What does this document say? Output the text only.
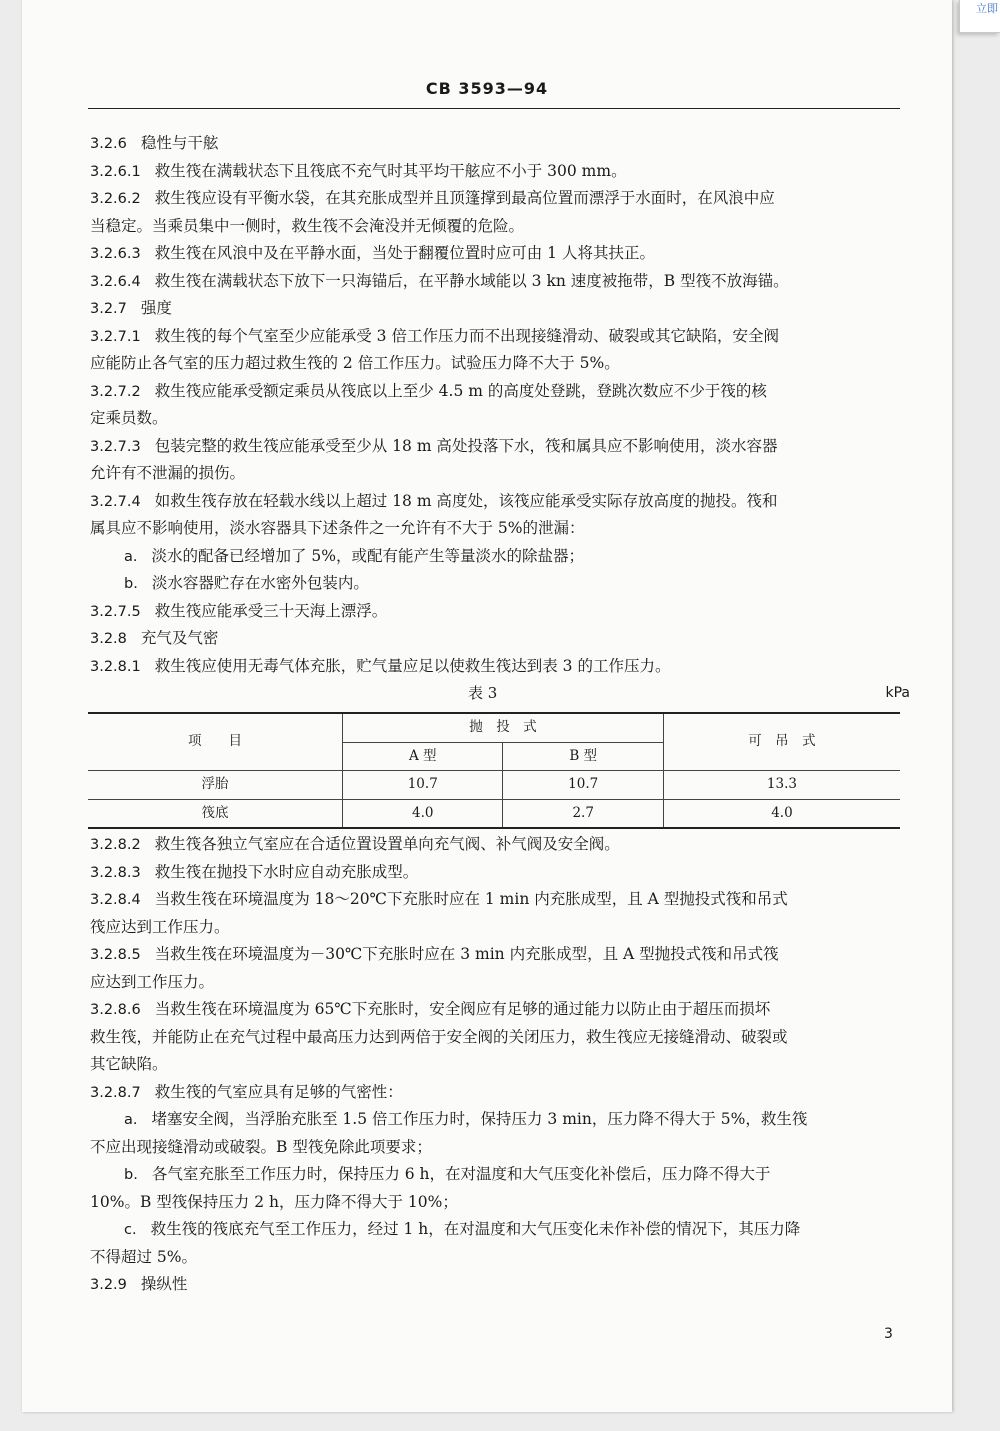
CB 3593—94
3.2.6 稳性与干舷
3.2.6.1 救生筏在满载状态下且筏底不充气时其平均干舷应不小于 300 mm。
3.2.6.2 救生筏应设有平衡水袋，在其充胀成型并且顶篷撑到最高位置而漂浮于水面时，在风浪中应
当稳定。当乘员集中一侧时，救生筏不会淹没并无倾覆的危险。
3.2.6.3 救生筏在风浪中及在平静水面，当处于翻覆位置时应可由 1 人将其扶正。
3.2.6.4 救生筏在满载状态下放下一只海锚后，在平静水域能以 3 kn 速度被拖带，B 型筏不放海锚。
3.2.7 强度
3.2.7.1 救生筏的每个气室至少应能承受 3 倍工作压力而不出现接缝滑动、破裂或其它缺陷，安全阀
应能防止各气室的压力超过救生筏的 2 倍工作压力。试验压力降不大于 5%。
3.2.7.2 救生筏应能承受额定乘员从筏底以上至少 4.5 m 的高度处登跳，登跳次数应不少于筏的核
定乘员数。
3.2.7.3 包装完整的救生筏应能承受至少从 18 m 高处投落下水，筏和属具应不影响使用，淡水容器
允许有不泄漏的损伤。
3.2.7.4 如救生筏存放在轻载水线以上超过 18 m 高度处，该筏应能承受实际存放高度的抛投。筏和
属具应不影响使用，淡水容器具下述条件之一允许有不大于 5%的泄漏：
a. 淡水的配备已经增加了 5%，或配有能产生等量淡水的除盐器；
b. 淡水容器贮存在水密外包装内。
3.2.7.5 救生筏应能承受三十天海上漂浮。
3.2.8 充气及气密
3.2.8.1 救生筏应使用无毒气体充胀，贮气量应足以使救生筏达到表 3 的工作压力。
表 3	kPa
项　　目	抛　投　式		可　吊　式
	A 型	B 型	
浮胎	10.7	10.7	13.3
筏底	4.0	2.7	4.0
3.2.8.2 救生筏各独立气室应在合适位置设置单向充气阀、补气阀及安全阀。
3.2.8.3 救生筏在抛投下水时应自动充胀成型。
3.2.8.4 当救生筏在环境温度为 18～20℃下充胀时应在 1 min 内充胀成型，且 A 型抛投式筏和吊式
筏应达到工作压力。
3.2.8.5 当救生筏在环境温度为－30℃下充胀时应在 3 min 内充胀成型，且 A 型抛投式筏和吊式筏
应达到工作压力。
3.2.8.6 当救生筏在环境温度为 65℃下充胀时，安全阀应有足够的通过能力以防止由于超压而损坏
救生筏，并能防止在充气过程中最高压力达到两倍于安全阀的关闭压力，救生筏应无接缝滑动、破裂或
其它缺陷。
3.2.8.7 救生筏的气室应具有足够的气密性：
a. 堵塞安全阀，当浮胎充胀至 1.5 倍工作压力时，保持压力 3 min，压力降不得大于 5%，救生筏
不应出现接缝滑动或破裂。B 型筏免除此项要求；
b. 各气室充胀至工作压力时，保持压力 6 h，在对温度和大气压变化补偿后，压力降不得大于
10%。B 型筏保持压力 2 h，压力降不得大于 10%；
c. 救生筏的筏底充气至工作压力，经过 1 h，在对温度和大气压变化未作补偿的情况下，其压力降
不得超过 5%。
3.2.9 操纵性
3
立即
